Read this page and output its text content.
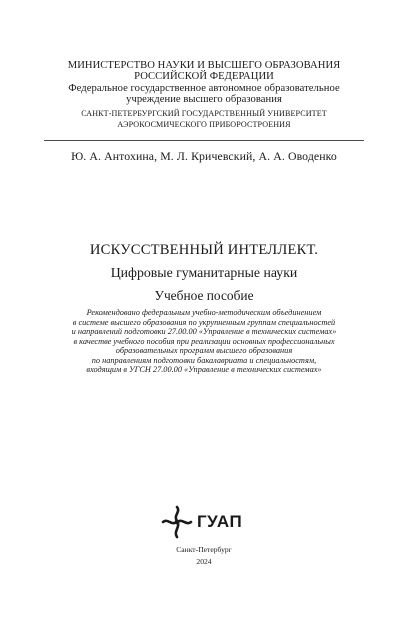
МИНИСТЕРСТВО НАУКИ И ВЫСШЕГО ОБРАЗОВАНИЯ
РОССИЙСКОЙ ФЕДЕРАЦИИ
Федеральное государственное автономное образовательное
учреждение высшего образования
САНКТ-ПЕТЕРБУРГСКИЙ ГОСУДАРСТВЕННЫЙ УНИВЕРСИТЕТ
АЭРОКОСМИЧЕСКОГО ПРИБОРОСТРОЕНИЯ
Ю. А. Антохина, М. Л. Кричевский, А. А. Оводенко
ИСКУССТВЕННЫЙ ИНТЕЛЛЕКТ.
Цифровые гуманитарные науки
Учебное пособие
Рекомендовано федеральным учебно-методическим объединением
в системе высшего образования по укрупненным группам специальностей
и направлений подготовки 27.00.00 «Управление в технических системах»
в качестве учебного пособия при реализации основных профессиональных
образовательных программ высшего образования
по направлениям подготовки бакалавриата и специальностям,
входящим в УГСН 27.00.00 «Управление в технических системах»
ГУАП
Санкт-Петербург
2024
